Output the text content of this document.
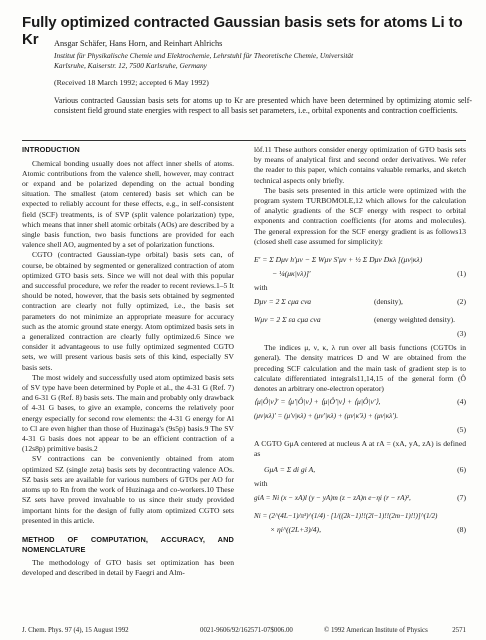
Fully optimized contracted Gaussian basis sets for atoms Li to Kr	Ansgar Schäfer, Hans Horn, and Reinhart Ahlrichs
Institut für Physikalische Chemie und Elektrochemie, Lehrstuhl für Theoretische Chemie, Universität
Karlsruhe, Kaiserstr. 12, 7500 Karlsruhe, Germany
(Received 18 March 1992; accepted 6 May 1992)
Various contracted Gaussian basis sets for atoms up to Kr are presented which have been determined by optimizing atomic self-consistent field ground state energies with respect to all basis set parameters, i.e., orbital exponents and contraction coefficients.
INTRODUCTION

Chemical bonding usually does not affect inner shells of atoms. Atomic contributions from the valence shell, however, may contract or expand and be polarized depending on the actual bonding situation. The smallest (atom centered) basis set which can be expected to reliably account for these effects, e.g., in self-consistent field (SCF) treatments, is of SVP (split valence polarization) type, which means that inner shell atomic orbitals (AOs) are described by a single basis function, two basis functions are provided for each valence shell AO, augmented by a set of polarization functions.

CGTO (contracted Gaussian-type orbital) basis sets can, of course, be obtained by segmented or generalized contraction of atom optimized GTO basis sets. Since we will not deal with this popular and successful procedure, we refer the reader to recent reviews.1–5 It should be noted, however, that the basis sets obtained by segmented contraction are clearly not fully optimized, i.e., the basis set parameters do not minimize an appropriate measure for accuracy such as the atomic ground state energy. Atom optimized basis sets in a generalized contraction are clearly fully optimized.6 Since we consider it advantageous to use fully optimized segmented CGTO sets, we will present various basis sets of this kind, especially SV basis sets.

The most widely and successfully used atom optimized basis sets of SV type have been determined by Pople et al., the 4-31 G (Ref. 7) and 6-31 G (Ref. 8) basis sets. The main and probably only drawback of 4-31 G bases, to give an example, concerns the relatively poor energy especially for second row elements: the 4-31 G energy for Al to Cl are even higher than those of Huzinaga's (9s5p) basis.9 The SV 4-31 G basis does not appear to be an efficient contraction of a (12s8p) primitive basis.2

SV contractions can be conveniently obtained from atom optimized SZ (single zeta) basis sets by decontracting valence AOs. SZ basis sets are available for various numbers of GTOs per AO for atoms up to Rn from the work of Huzinaga and co-workers.10 These SZ sets have proved invaluable to us since their study provided important hints for the design of fully atom optimized CGTO sets presented in this article.

METHOD OF COMPUTATION, ACCURACY, AND NOMENCLATURE

The methodology of GTO basis set optimization has been developed and described in detail by Faegri and Alm-

löf.11 These authors consider energy optimization of GTO basis sets by means of analytical first and second order derivatives. We refer the reader to this paper, which contains valuable remarks, and sketch technical aspects only briefly.

The basis sets presented in this article were optimized with the program system TURBOMOLE,12 which allows for the calculation of analytic gradients of the SCF energy with respect to orbital exponents and contraction coefficients (for atoms and molecules). The general expression for the SCF energy gradient is as follows13 (closed shell case assumed for simplicity):

E′ = Σ Dμν h′μν − Σ Wμν S′μν + ½ Σ Dμν Dκλ [(μν|κλ)
− ¼(μκ|νλ)]′	(1)
with
Dμν = 2 Σ cμa cνa	(density),	(2)
Wμν = 2 Σ εa cμa cνa	(energy weighted density).
(3)

The indices μ, ν, κ, λ run over all basis functions (CGTOs in general). The density matrices D and W are obtained from the preceding SCF calculation and the main task of gradient step is to calculate differentiated integrals11,14,15 of the general form (Ô denotes an arbitrary one-electron operator)

⟨μ|Ô|ν⟩′ = ⟨μ′|Ô|ν⟩ + ⟨μ|Ô′|ν⟩ + ⟨μ|Ô|ν′⟩,	(4)
(μν|κλ)′ = (μ′ν|κλ) + (μν′|κλ) + (μν|κ′λ) + (μν|κλ′).
(5)

A CGTO GμA centered at nucleus A at rA = (xA, yA, zA) is defined as

GμA = Σ di gi A,	(6)
with
giA = Ni (x − xA)l (y − yA)m (z − zA)n e−ηi (r − rA)²,	(7)
Ni = (2^(4L−1)/π³)^(1/4) · [1/((2k−1)!!(2l−1)!!(2m−1)!!)]^(1/2)
× ηi^((2L+3)/4),	(8)
J. Chem. Phys. 97 (4), 15 August 1992	0021-9606/92/162571-07$006.00	© 1992 American Institute of Physics	2571
